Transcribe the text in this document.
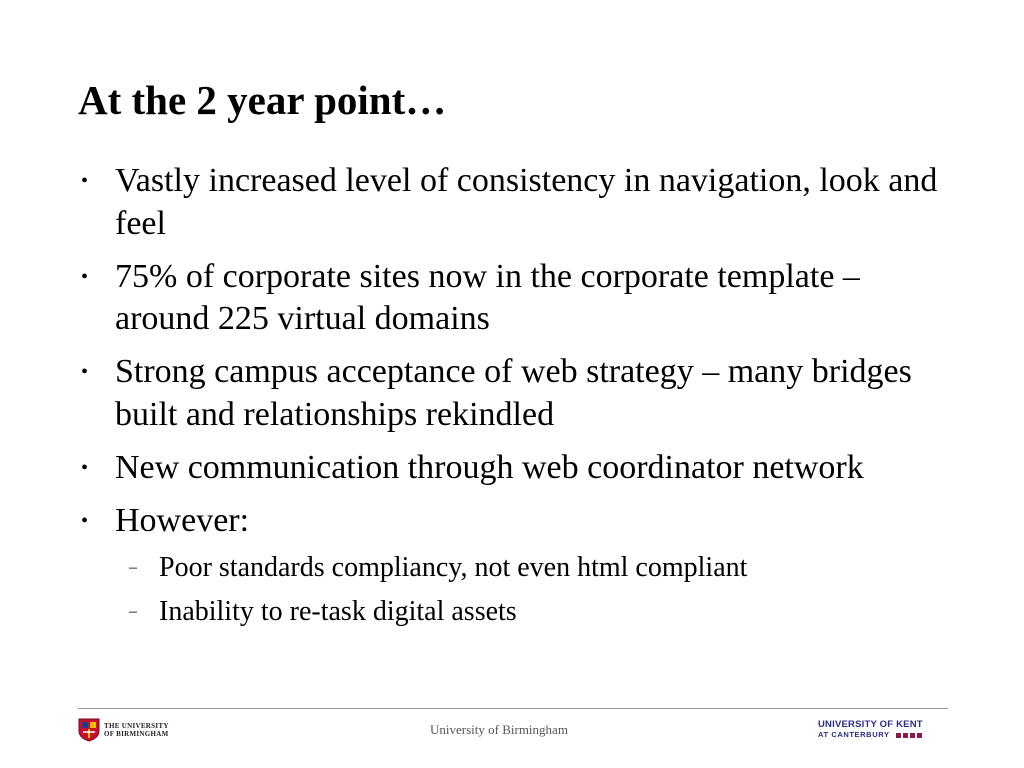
At the 2 year point…
• Vastly increased level of consistency in navigation, look and feel
• 75% of corporate sites now in the corporate template – around 225 virtual domains
• Strong campus acceptance of web strategy – many bridges built and relationships rekindled
• New communication through web coordinator network
• However:
– Poor standards compliancy, not even html compliant
– Inability to re-task digital assets
THE UNIVERSITY
OF BIRMINGHAM	University of Birmingham	UNIVERSITY OF KENT
AT CANTERBURY
